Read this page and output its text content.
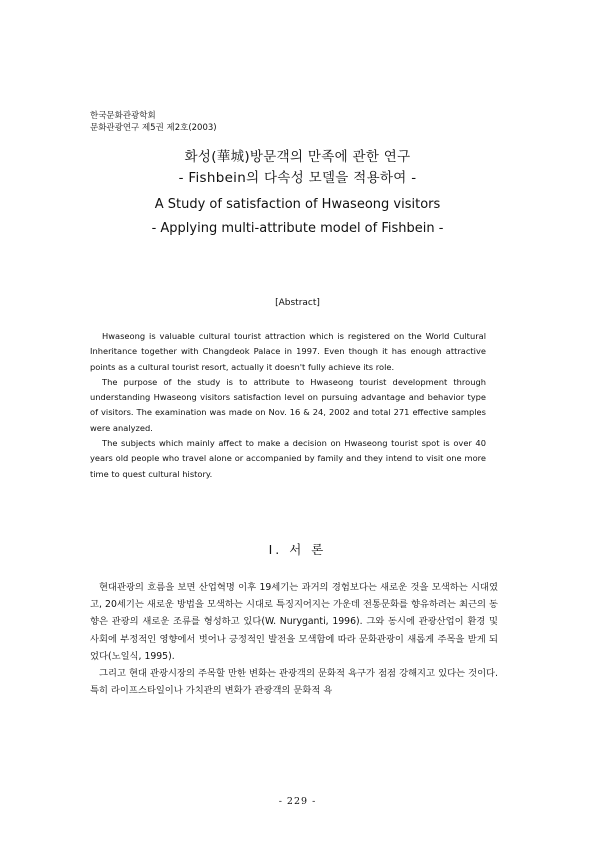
한국문화관광학회
문화관광연구 제5권 제2호(2003)
화성(華城)방문객의 만족에 관한 연구
- Fishbein의 다속성 모델을 적용하여 -
A Study of satisfaction of Hwaseong visitors
- Applying multi-attribute model of Fishbein -
[Abstract]

Hwaseong is valuable cultural tourist attraction which is registered on the World Cultural Inheritance together with Changdeok Palace in 1997. Even though it has enough attractive points as a cultural tourist resort, actually it doesn't fully achieve its role.

The purpose of the study is to attribute to Hwaseong tourist development through understanding Hwaseong visitors satisfaction level on pursuing advantage and behavior type of visitors. The examination was made on Nov. 16 & 24, 2002 and total 271 effective samples were analyzed.

The subjects which mainly affect to make a decision on Hwaseong tourist spot is over 40 years old people who travel alone or accompanied by family and they intend to visit one more time to quest cultural history.

Ⅰ. 서 론

현대관광의 흐름을 보면 산업혁명 이후 19세기는 과거의 경험보다는 새로운 것을 모색하는 시대였고, 20세기는 새로운 방법을 모색하는 시대로 특징지어지는 가운데 전통문화를 향유하려는 최근의 동향은 관광의 새로운 조류를 형성하고 있다(W. Nuryganti, 1996). 그와 동시에 관광산업이 환경 및 사회에 부정적인 영향에서 벗어나 긍정적인 발전을 모색함에 따라 문화관광이 새롭게 주목을 받게 되었다(노일식, 1995).

그리고 현대 관광시장의 주목할 만한 변화는 관광객의 문화적 욕구가 점점 강해지고 있다는 것이다. 특히 라이프스타일이나 가치관의 변화가 관광객의 문화적 욕

- 229 -
